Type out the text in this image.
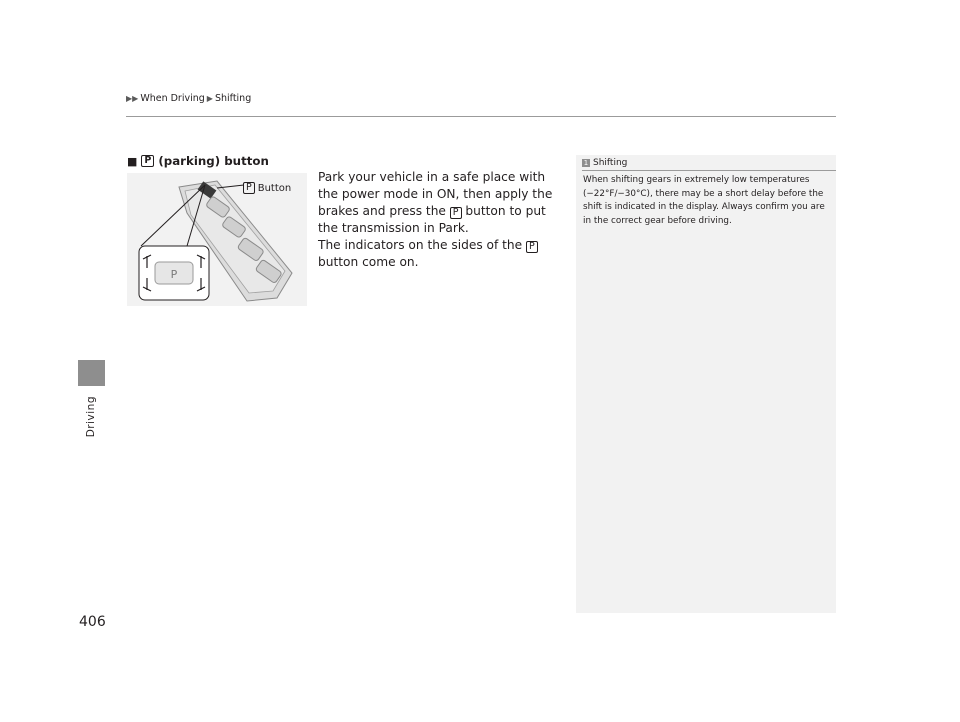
▶▶ When Driving ▶ Shifting
Driving
406
■ P (parking) button
P
P Button

Park your vehicle in a safe place with the power mode in ON, then apply the brakes and press the P button to put the transmission in Park.

The indicators on the sides of the P button come on.

1 Shifting

When shifting gears in extremely low temperatures (−22°F/−30°C), there may be a short delay before the shift is indicated in the display. Always confirm you are in the correct gear before driving.
